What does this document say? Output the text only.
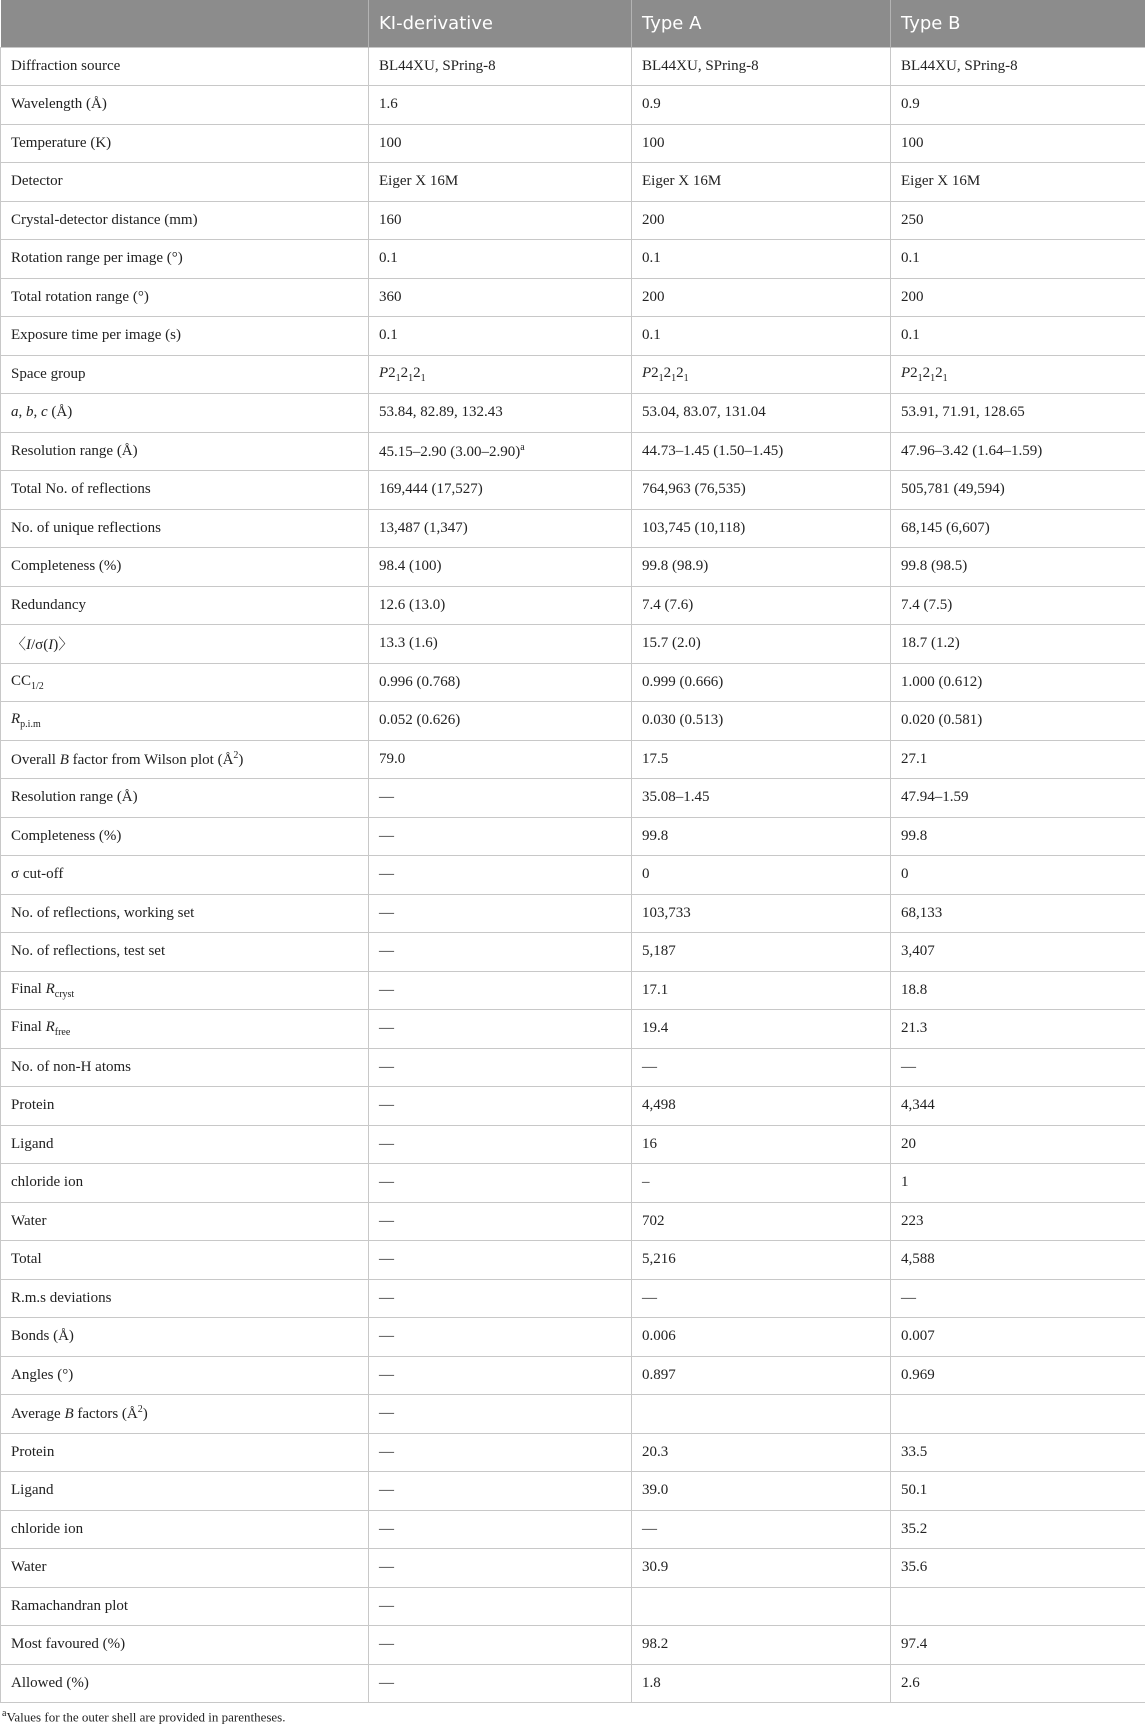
	KI-derivative	Type A	Type B
Diffraction source	BL44XU, SPring-8	BL44XU, SPring-8	BL44XU, SPring-8
Wavelength (Å)	1.6	0.9	0.9
Temperature (K)	100	100	100
Detector	Eiger X 16M	Eiger X 16M	Eiger X 16M
Crystal-detector distance (mm)	160	200	250
Rotation range per image (°)	0.1	0.1	0.1
Total rotation range (°)	360	200	200
Exposure time per image (s)	0.1	0.1	0.1
Space group	$P2_12_12_1$	$P2_12_12_1$	$P2_12_12_1$
a, b, c (Å)	53.84, 82.89, 132.43	53.04, 83.07, 131.04	53.91, 71.91, 128.65
Resolution range (Å)	45.15–2.90 $(3.00-2.90)^a$	44.73–1.45 (1.50–1.45)	47.96–3.42 (1.64–1.59)
Total No. of reflections	169,444 (17,527)	764,963 (76,535)	505,781 (49,594)
No. of unique reflections	13,487 (1,347)	103,745 (10,118)	68,145 (6,607)
Completeness (%)	98.4 (100)	99.8 (98.9)	99.8 (98.5)
Redundancy	12.6 (13.0)	7.4 (7.6)	7.4 (7.5)
〈I/σ(I)〉	13.3 (1.6)	15.7 (2.0)	18.7 (1.2)
$CC_{1/2}$	0.996 (0.768)	0.999 (0.666)	1.000 (0.612)
$R_{p.i.m}$	0.052 (0.626)	0.030 (0.513)	0.020 (0.581)
Overall B factor from Wilson plot $(Å^2)$	79.0	17.5	27.1
Resolution range (Å)	—	35.08–1.45	47.94–1.59
Completeness (%)	—	99.8	99.8
σ cut-off	—	0	0
No. of reflections, working set	—	103,733	68,133
No. of reflections, test set	—	5,187	3,407
Final $R_{cryst}$	—	17.1	18.8
Final $R_{free}$	—	19.4	21.3
No. of non-H atoms	—	—	—
Protein	—	4,498	4,344
Ligand	—	16	20
chloride ion	—	–	1
Water	—	702	223
Total	—	5,216	4,588
R.m.s deviations	—	—	—
Bonds (Å)	—	0.006	0.007
Angles (°)	—	0.897	0.969
Average B factors $(Å^2)$	—		
Protein	—	20.3	33.5
Ligand	—	39.0	50.1
chloride ion	—	—	35.2
Water	—	30.9	35.6
Ramachandran plot	—		
Most favoured (%)	—	98.2	97.4
Allowed (%)	—	1.8	2.6
$^a$Values for the outer shell are provided in parentheses.
